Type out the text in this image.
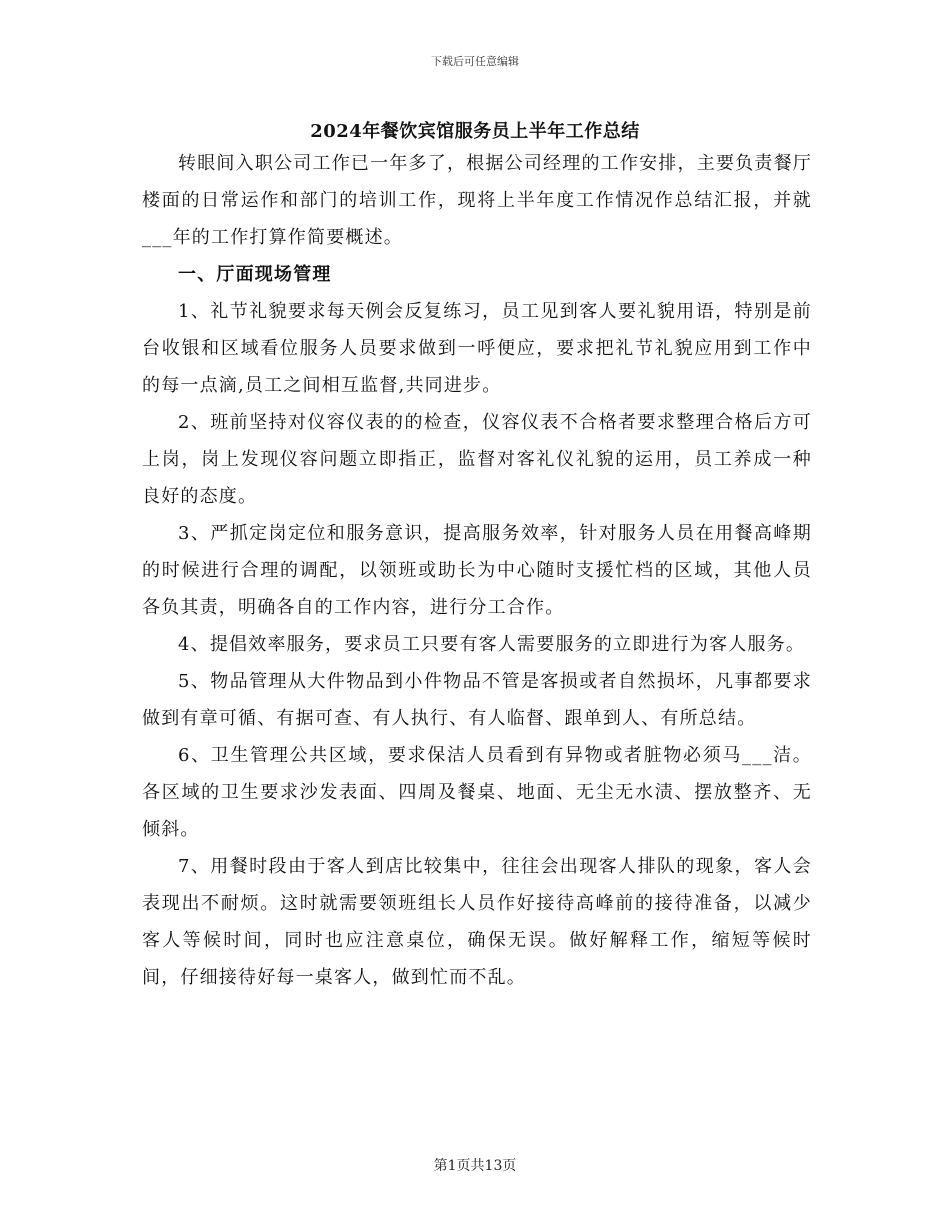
下载后可任意编辑
2024年餐饮宾馆服务员上半年工作总结

转眼间入职公司工作已一年多了，根据公司经理的工作安排，主要负责餐厅楼面的日常运作和部门的培训工作，现将上半年度工作情况作总结汇报，并就___年的工作打算作简要概述。

一、厅面现场管理

1、礼节礼貌要求每天例会反复练习，员工见到客人要礼貌用语，特别是前台收银和区域看位服务人员要求做到一呼便应，要求把礼节礼貌应用到工作中的每一点滴,员工之间相互监督,共同进步。

2、班前坚持对仪容仪表的的检查，仪容仪表不合格者要求整理合格后方可上岗，岗上发现仪容问题立即指正，监督对客礼仪礼貌的运用，员工养成一种良好的态度。

3、严抓定岗定位和服务意识，提高服务效率，针对服务人员在用餐高峰期的时候进行合理的调配，以领班或助长为中心随时支援忙档的区域，其他人员各负其责，明确各自的工作内容，进行分工合作。

4、提倡效率服务，要求员工只要有客人需要服务的立即进行为客人服务。

5、物品管理从大件物品到小件物品不管是客损或者自然损坏，凡事都要求做到有章可循、有据可查、有人执行、有人临督、跟单到人、有所总结。

6、卫生管理公共区域，要求保洁人员看到有异物或者脏物必须马___洁。各区域的卫生要求沙发表面、四周及餐桌、地面、无尘无水渍、摆放整齐、无倾斜。

7、用餐时段由于客人到店比较集中，往往会出现客人排队的现象，客人会表现出不耐烦。这时就需要领班组长人员作好接待高峰前的接待准备，以减少客人等候时间，同时也应注意桌位，确保无误。做好解释工作，缩短等候时间，仔细接待好每一桌客人，做到忙而不乱。

第1页共13页
